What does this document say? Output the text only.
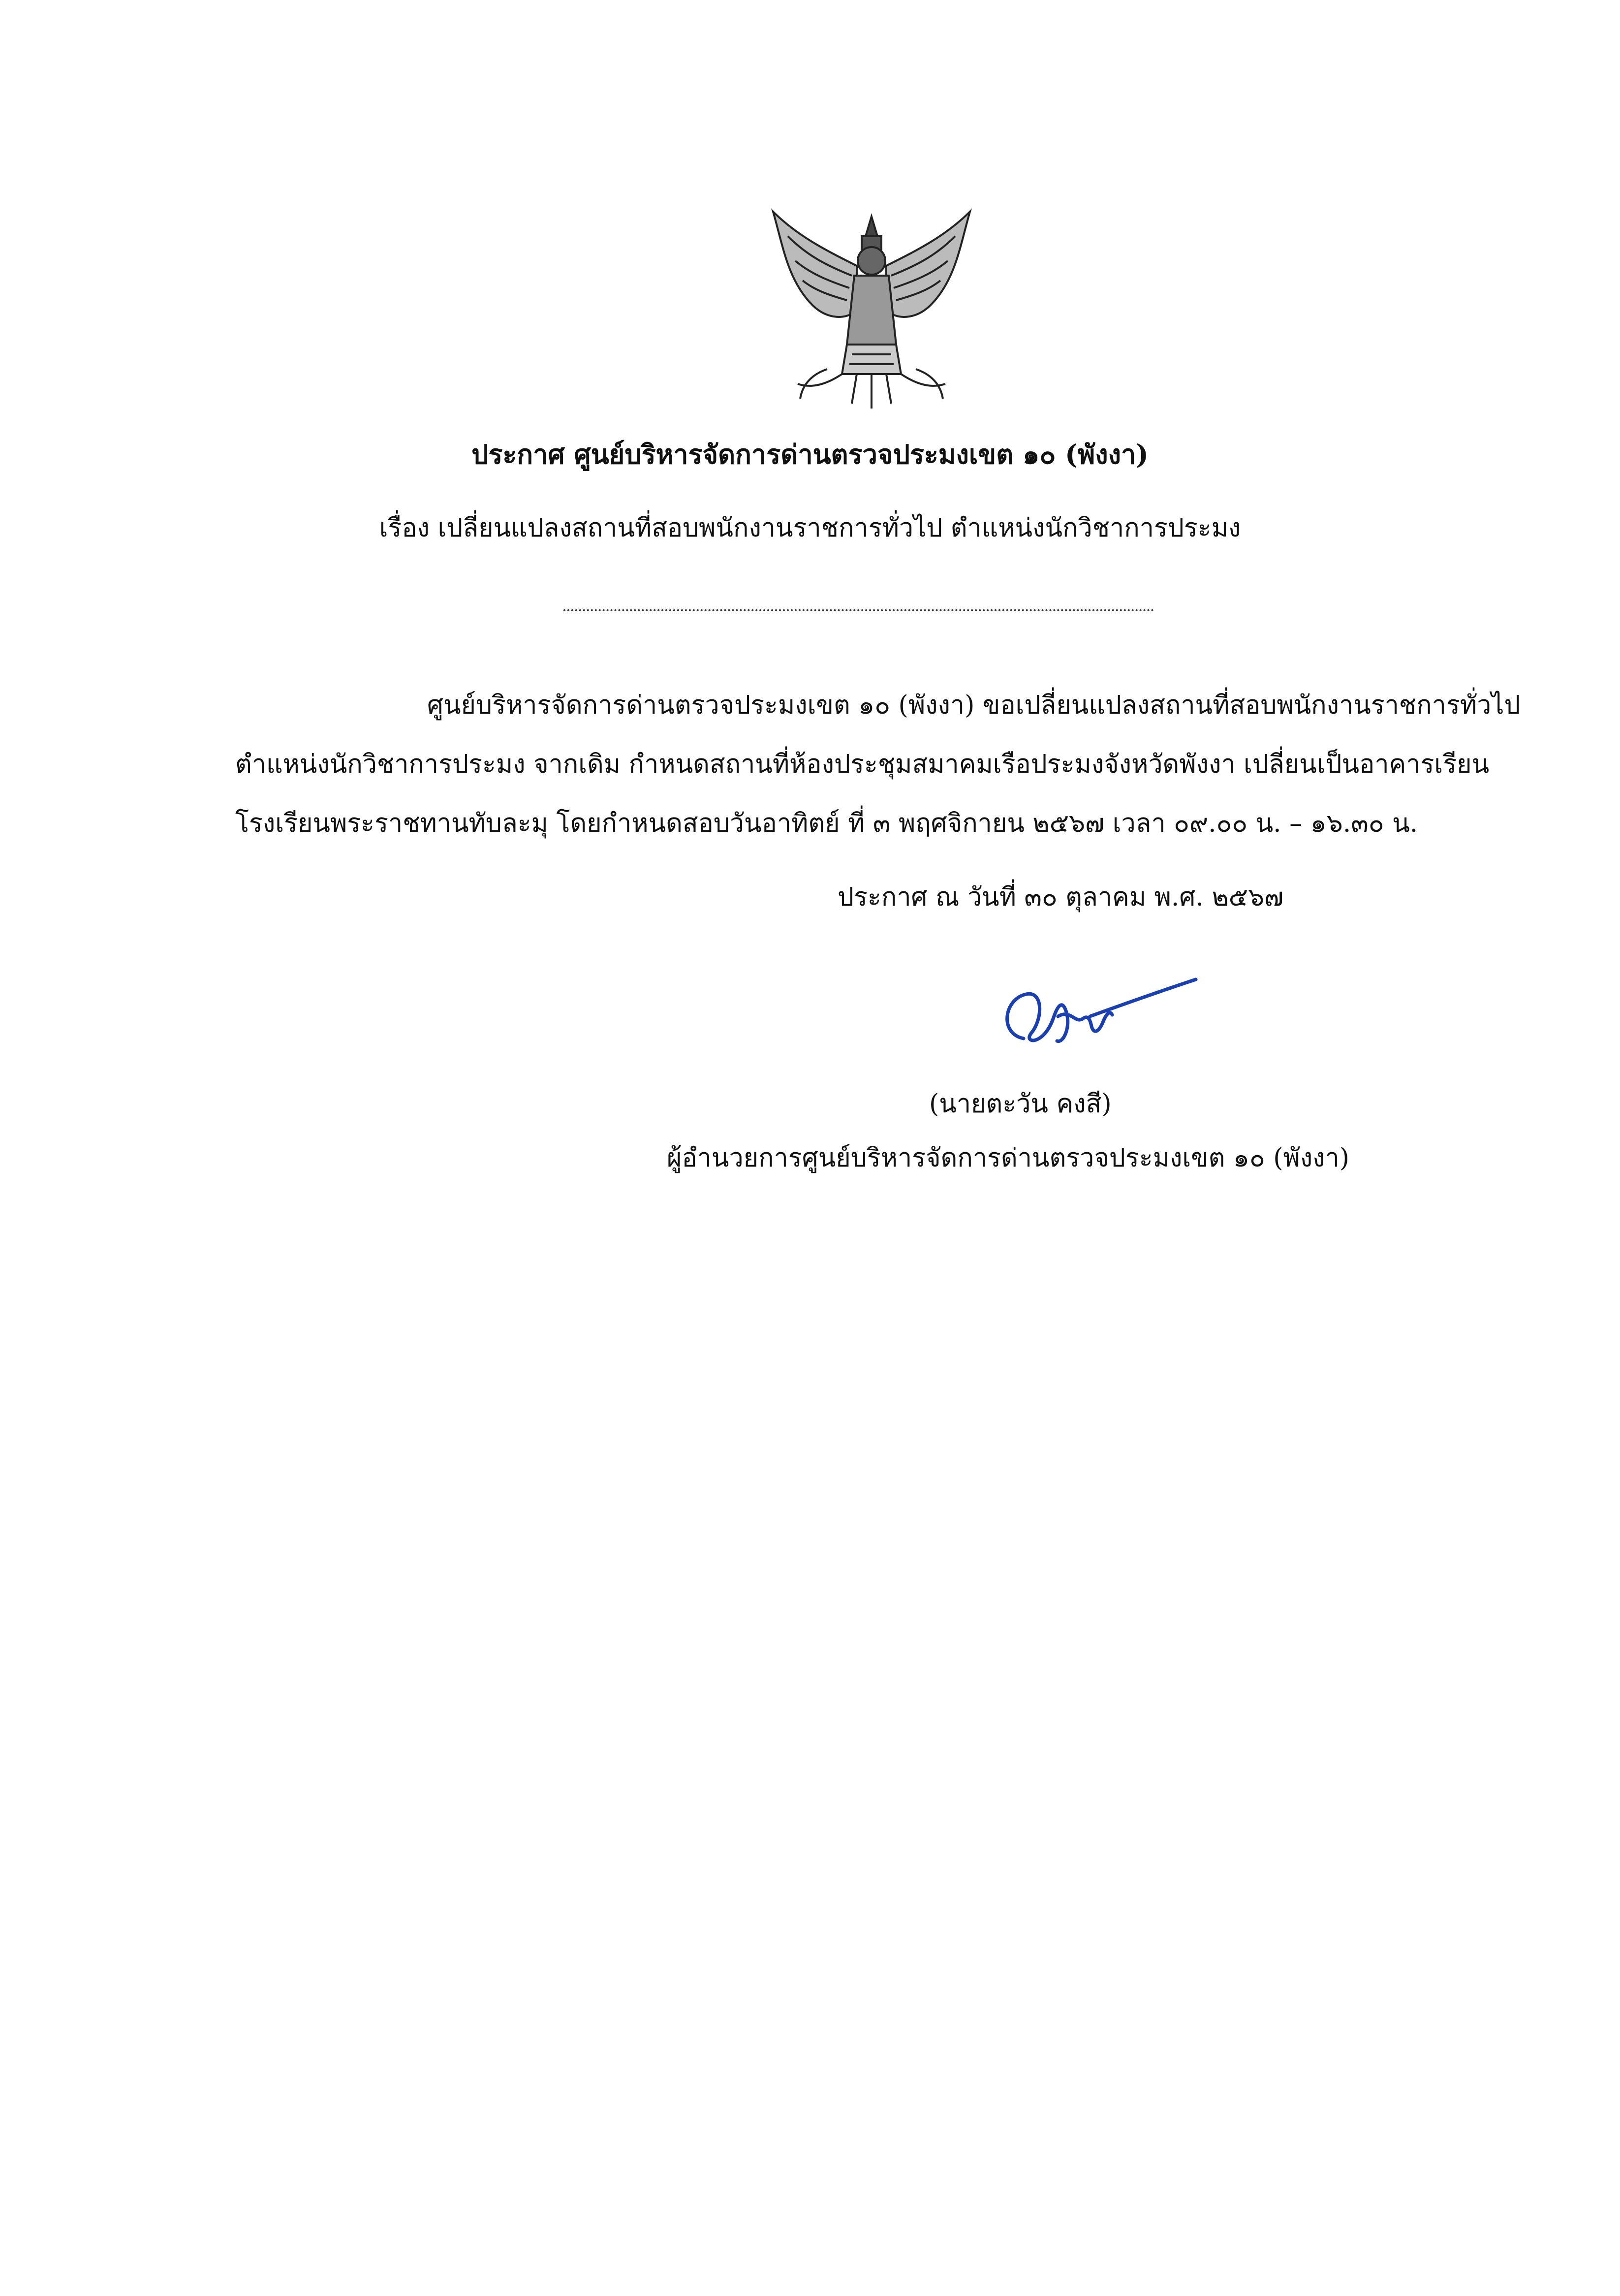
ประกาศ ศูนย์บริหารจัดการด่านตรวจประมงเขต ๑๐ (พังงา)
เรื่อง เปลี่ยนแปลงสถานที่สอบพนักงานราชการทั่วไป ตำแหน่งนักวิชาการประมง
ศูนย์บริหารจัดการด่านตรวจประมงเขต ๑๐ (พังงา) ขอเปลี่ยนแปลงสถานที่สอบพนักงานราชการทั่วไป
ตำแหน่งนักวิชาการประมง จากเดิม กำหนดสถานที่ห้องประชุมสมาคมเรือประมงจังหวัดพังงา เปลี่ยนเป็นอาคารเรียน
โรงเรียนพระราชทานทับละมุ โดยกำหนดสอบวันอาทิตย์ ที่ ๓ พฤศจิกายน ๒๕๖๗ เวลา ๐๙.๐๐ น. – ๑๖.๓๐ น.
ประกาศ ณ วันที่ ๓๐ ตุลาคม พ.ศ. ๒๕๖๗
(นายตะวัน คงสี)
ผู้อำนวยการศูนย์บริหารจัดการด่านตรวจประมงเขต ๑๐ (พังงา)
